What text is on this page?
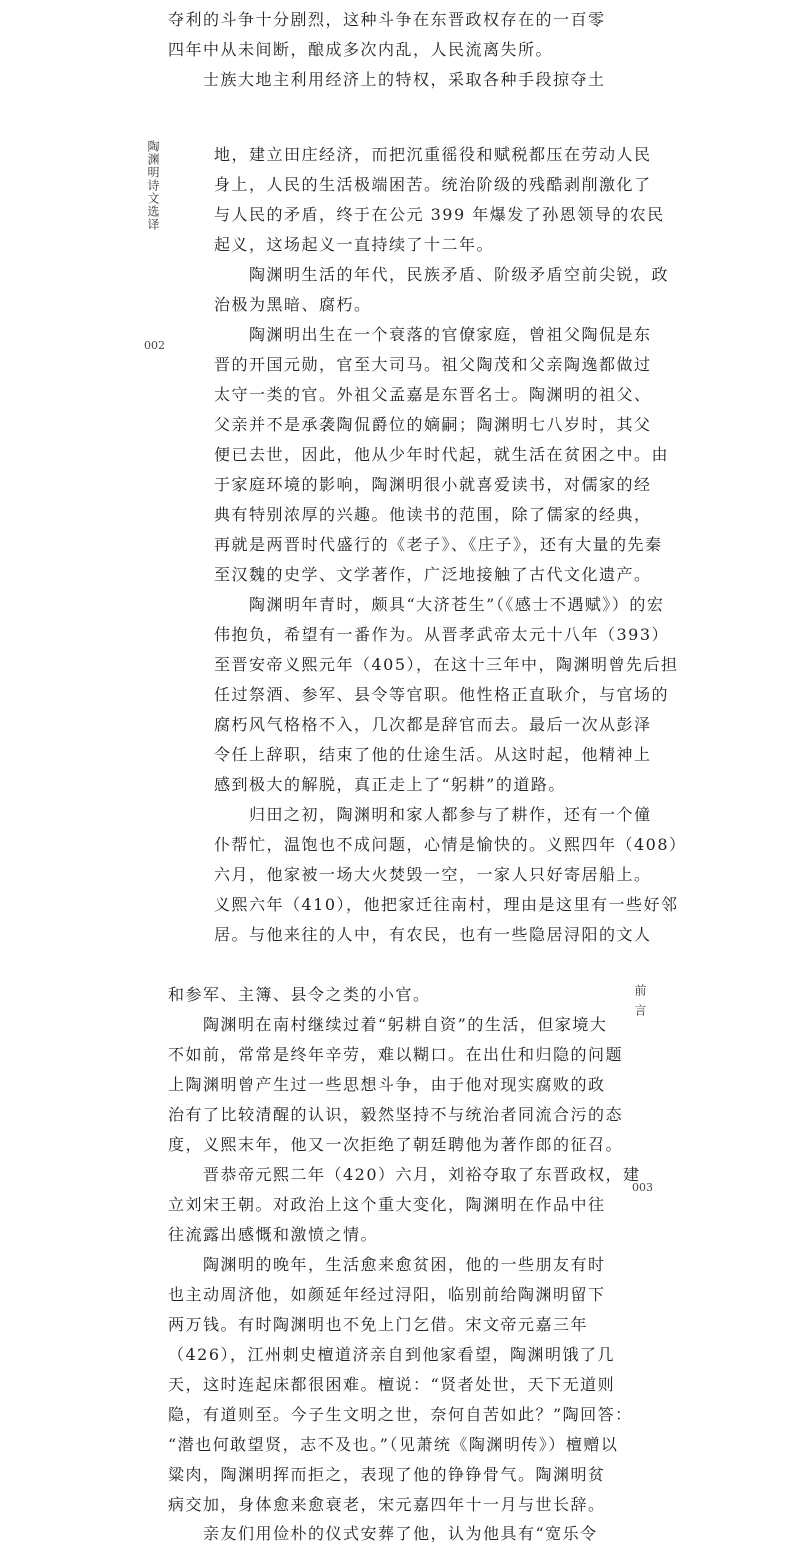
夺利的斗争十分剧烈，这种斗争在东晋政权存在的一百零
四年中从未间断，酿成多次内乱，人民流离失所。
　　士族大地主利用经济上的特权，采取各种手段掠夺土
陶渊明诗文选译
002
地，建立田庄经济，而把沉重徭役和赋税都压在劳动人民
身上，人民的生活极端困苦。统治阶级的残酷剥削激化了
与人民的矛盾，终于在公元 399 年爆发了孙恩领导的农民
起义，这场起义一直持续了十二年。
　　陶渊明生活的年代，民族矛盾、阶级矛盾空前尖锐，政
治极为黑暗、腐朽。
　　陶渊明出生在一个衰落的官僚家庭，曾祖父陶侃是东
晋的开国元勋，官至大司马。祖父陶茂和父亲陶逸都做过
太守一类的官。外祖父孟嘉是东晋名士。陶渊明的祖父、
父亲并不是承袭陶侃爵位的嫡嗣；陶渊明七八岁时，其父
便已去世，因此，他从少年时代起，就生活在贫困之中。由
于家庭环境的影响，陶渊明很小就喜爱读书，对儒家的经
典有特别浓厚的兴趣。他读书的范围，除了儒家的经典，
再就是两晋时代盛行的《老子》、《庄子》，还有大量的先秦
至汉魏的史学、文学著作，广泛地接触了古代文化遗产。
　　陶渊明年青时，颇具“大济苍生”（《感士不遇赋》）的宏
伟抱负，希望有一番作为。从晋孝武帝太元十八年（393）
至晋安帝义熙元年（405），在这十三年中，陶渊明曾先后担
任过祭酒、参军、县令等官职。他性格正直耿介，与官场的
腐朽风气格格不入，几次都是辞官而去。最后一次从彭泽
令任上辞职，结束了他的仕途生活。从这时起，他精神上
感到极大的解脱，真正走上了“躬耕”的道路。
　　归田之初，陶渊明和家人都参与了耕作，还有一个僮
仆帮忙，温饱也不成问题，心情是愉快的。义熙四年（408）
六月，他家被一场大火焚毁一空，一家人只好寄居船上。
义熙六年（410），他把家迁往南村，理由是这里有一些好邻
居。与他来往的人中，有农民，也有一些隐居浔阳的文人
前言
003
和参军、主簿、县令之类的小官。
　　陶渊明在南村继续过着“躬耕自资”的生活，但家境大
不如前，常常是终年辛劳，难以糊口。在出仕和归隐的问题
上陶渊明曾产生过一些思想斗争，由于他对现实腐败的政
治有了比较清醒的认识，毅然坚持不与统治者同流合污的态
度，义熙末年，他又一次拒绝了朝廷聘他为著作郎的征召。
　　晋恭帝元熙二年（420）六月，刘裕夺取了东晋政权，建
立刘宋王朝。对政治上这个重大变化，陶渊明在作品中往
往流露出感慨和激愤之情。
　　陶渊明的晚年，生活愈来愈贫困，他的一些朋友有时
也主动周济他，如颜延年经过浔阳，临别前给陶渊明留下
两万钱。有时陶渊明也不免上门乞借。宋文帝元嘉三年
（426），江州刺史檀道济亲自到他家看望，陶渊明饿了几
天，这时连起床都很困难。檀说：“贤者处世，天下无道则
隐，有道则至。今子生文明之世，奈何自苦如此？”陶回答：
“潜也何敢望贤，志不及也。”（见萧统《陶渊明传》）檀赠以
粱肉，陶渊明挥而拒之，表现了他的铮铮骨气。陶渊明贫
病交加，身体愈来愈衰老，宋元嘉四年十一月与世长辞。
　　亲友们用俭朴的仪式安葬了他，认为他具有“宽乐令
